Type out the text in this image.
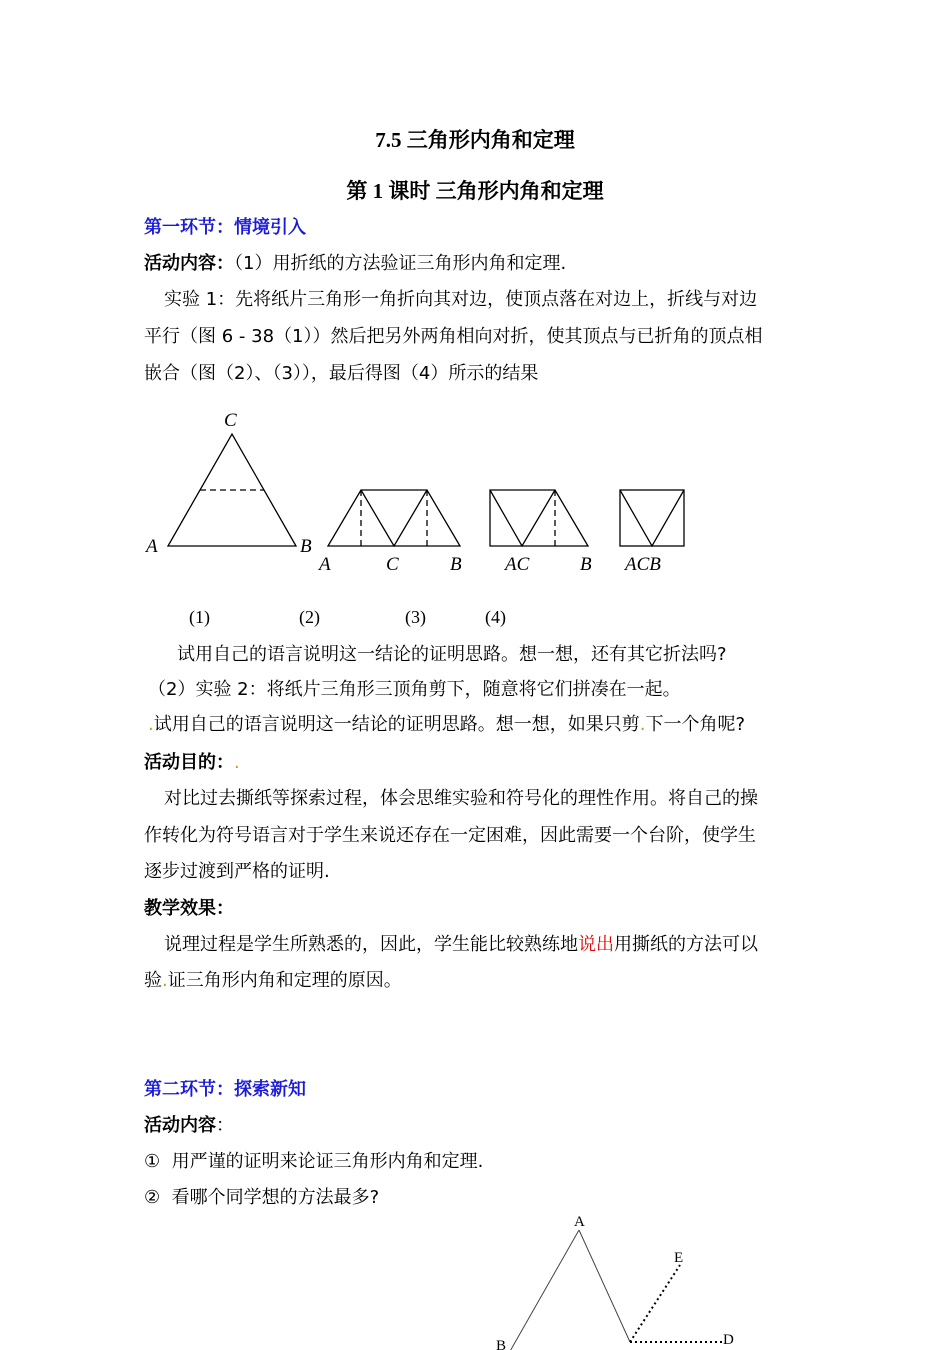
7.5 三角形内角和定理
第 1 课时 三角形内角和定理
第一环节：情境引入
活动内容：（1）用折纸的方法验证三角形内角和定理.
实验 1：先将纸片三角形一角折向其对边，使顶点落在对边上，折线与对边
平行（图 6 - 38（1））然后把另外两角相向对折，使其顶点与已折角的顶点相
嵌合（图（2）、（3）），最后得图（4）所示的结果
C
A	B
A	C	B AC	B ACB
(1)	(2)	(3)	(4)
试用自己的语言说明这一结论的证明思路。想一想，还有其它折法吗?
（2）实验 2：将纸片三角形三顶角剪下，随意将它们拼凑在一起。
.试用自己的语言说明这一结论的证明思路。想一想，如果只剪.下一个角呢?
活动目的：.
对比过去撕纸等探索过程，体会思维实验和符号化的理性作用。将自己的操
作转化为符号语言对于学生来说还存在一定困难，因此需要一个台阶，使学生
逐步过渡到严格的证明.
教学效果：
说理过程是学生所熟悉的，因此，学生能比较熟练地说出用撕纸的方法可以
验.证三角形内角和定理的原因。
第二环节：探索新知
活动内容：
① 用严谨的证明来论证三角形内角和定理.
② 看哪个同学想的方法最多?
A
E
B	D
